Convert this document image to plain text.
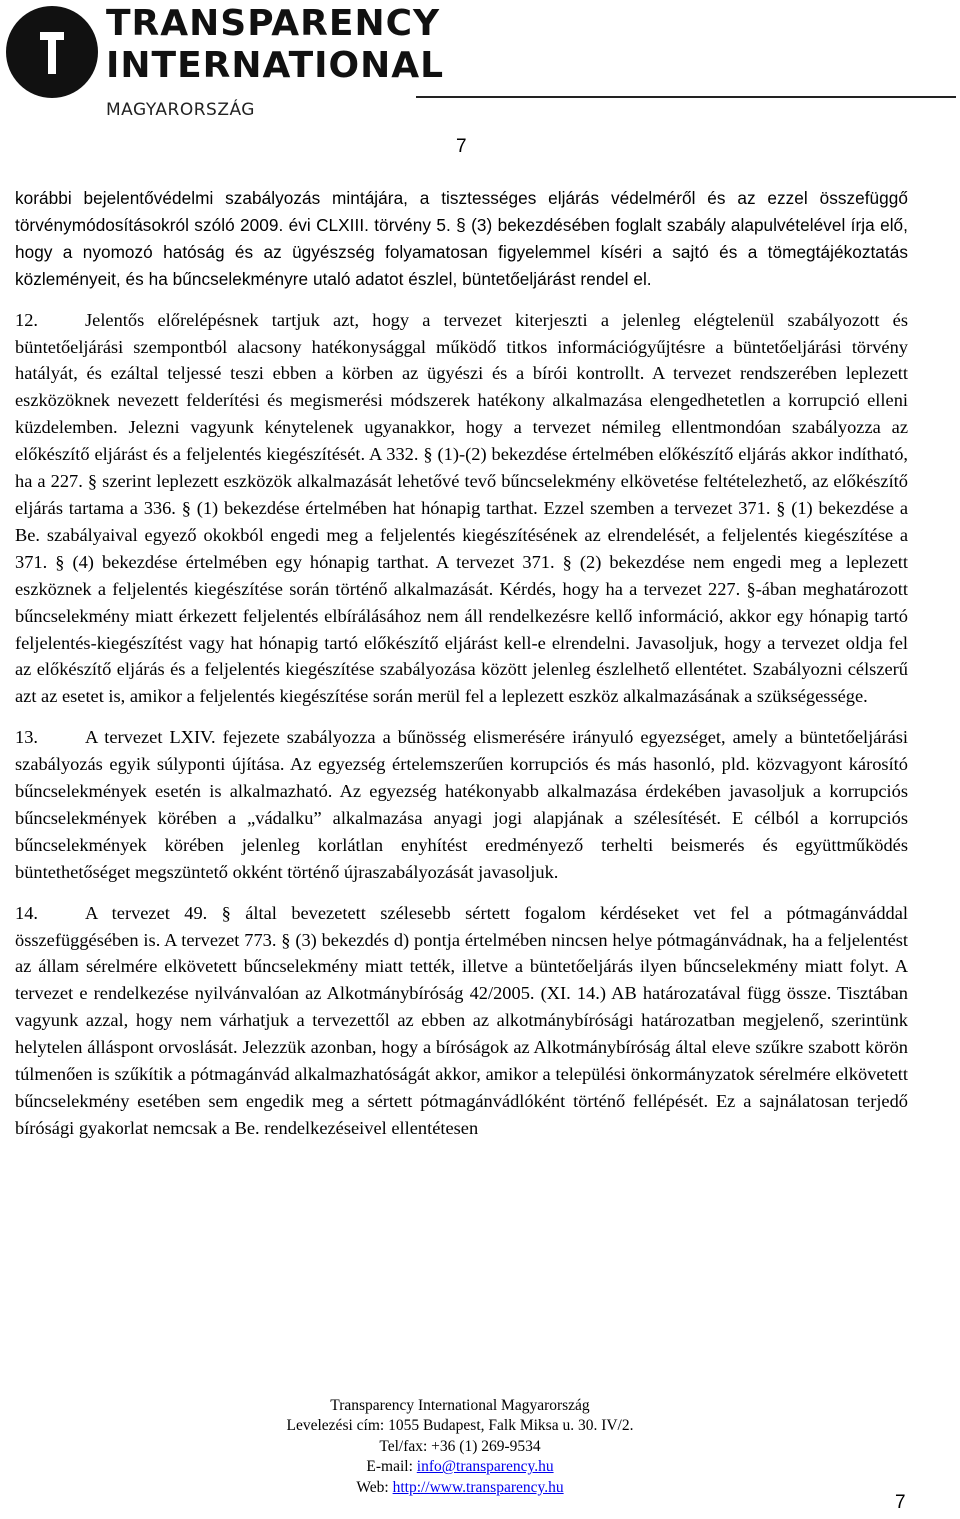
TRANSPARENCY
INTERNATIONAL
MAGYARORSZÁG
7

korábbi bejelentővédelmi szabályozás mintájára, a tisztességes eljárás védelméről és az ezzel összefüggő törvénymódosításokról szóló 2009. évi CLXIII. törvény 5. § (3) bekezdésében foglalt szabály alapulvételével írja elő, hogy a nyomozó hatóság és az ügyészség folyamatosan figyelemmel kíséri a sajtó és a tömegtájékoztatás közleményeit, és ha bűncselekményre utaló adatot észlel, büntetőeljárást rendel el.

12.	Jelentős előrelépésnek tartjuk azt, hogy a tervezet kiterjeszti a jelenleg elégtelenül szabályozott és büntetőeljárási szempontból alacsony hatékonysággal működő titkos információgyűjtésre a büntetőeljárási törvény hatályát, és ezáltal teljessé teszi ebben a körben az ügyészi és a bírói kontrollt. A tervezet rendszerében leplezett eszközöknek nevezett felderítési és megismerési módszerek hatékony alkalmazása elengedhetetlen a korrupció elleni küzdelemben. Jelezni vagyunk kénytelenek ugyanakkor, hogy a tervezet némileg ellentmondóan szabályozza az előkészítő eljárást és a feljelentés kiegészítését. A 332. § (1)-(2) bekezdése értelmében előkészítő eljárás akkor indítható, ha a 227. § szerint leplezett eszközök alkalmazását lehetővé tevő bűncselekmény elkövetése feltételezhető, az előkészítő eljárás tartama a 336. § (1) bekezdése értelmében hat hónapig tarthat. Ezzel szemben a tervezet 371. § (1) bekezdése a Be. szabályaival egyező okokból engedi meg a feljelentés kiegészítésének az elrendelését, a feljelentés kiegészítése a 371. § (4) bekezdése értelmében egy hónapig tarthat. A tervezet 371. § (2) bekezdése nem engedi meg a leplezett eszköznek a feljelentés kiegészítése során történő alkalmazását. Kérdés, hogy ha a tervezet 227. §-ában meghatározott bűncselekmény miatt érkezett feljelentés elbírálásához nem áll rendelkezésre kellő információ, akkor egy hónapig tartó feljelentés-kiegészítést vagy hat hónapig tartó előkészítő eljárást kell-e elrendelni. Javasoljuk, hogy a tervezet oldja fel az előkészítő eljárás és a feljelentés kiegészítése szabályozása között jelenleg észlelhető ellentétet. Szabályozni célszerű azt az esetet is, amikor a feljelentés kiegészítése során merül fel a leplezett eszköz alkalmazásának a szükségessége.

13.	A tervezet LXIV. fejezete szabályozza a bűnösség elismerésére irányuló egyezséget, amely a büntetőeljárási szabályozás egyik súlyponti újítása. Az egyezség értelemszerűen korrupciós és más hasonló, pld. közvagyont károsító bűncselekmények esetén is alkalmazható. Az egyezség hatékonyabb alkalmazása érdekében javasoljuk a korrupciós bűncselekmények körében a „vádalku” alkalmazása anyagi jogi alapjának a szélesítését. E célból a korrupciós bűncselekmények körében jelenleg korlátlan enyhítést eredményező terhelti beismerés és együttműködés büntethetőséget megszüntető okként történő újraszabályozását javasoljuk.

14.	A tervezet 49. § által bevezetett szélesebb sértett fogalom kérdéseket vet fel a pótmagánváddal összefüggésében is. A tervezet 773. § (3) bekezdés d) pontja értelmében nincsen helye pótmagánvádnak, ha a feljelentést az állam sérelmére elkövetett bűncselekmény miatt tették, illetve a büntetőeljárás ilyen bűncselekmény miatt folyt. A tervezet e rendelkezése nyilvánvalóan az Alkotmánybíróság 42/2005. (XI. 14.) AB határozatával függ össze. Tisztában vagyunk azzal, hogy nem várhatjuk a tervezettől az ebben az alkotmánybírósági határozatban megjelenő, szerintünk helytelen álláspont orvoslását. Jelezzük azonban, hogy a bíróságok az Alkotmánybíróság által eleve szűkre szabott körön túlmenően is szűkítik a pótmagánvád alkalmazhatóságát akkor, amikor a települési önkormányzatok sérelmére elkövetett bűncselekmény esetében sem engedik meg a sértett pótmagánvádlóként történő fellépését. Ez a sajnálatosan terjedő bírósági gyakorlat nemcsak a Be. rendelkezéseivel ellentétesen

Transparency International Magyarország
Levelezési cím: 1055 Budapest, Falk Miksa u. 30. IV/2.
Tel/fax: +36 (1) 269-9534
E-mail: info@transparency.hu
Web: http://www.transparency.hu
7
